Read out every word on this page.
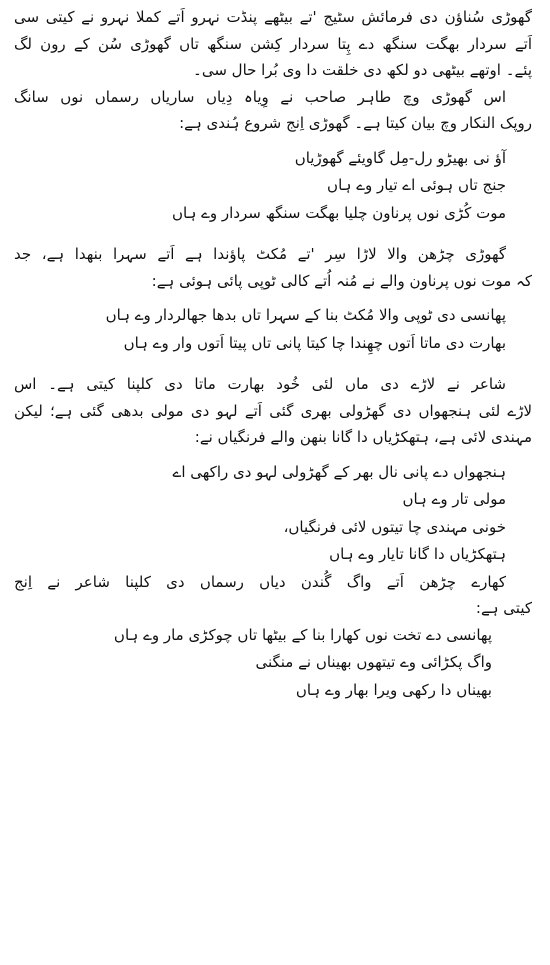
گھوڑی سُناؤن دی فرمائش سٹیج 'تے بیٹھے پنڈت نہرو اَتے کملا نہرو نے کیتی سی
اَتے سردار بھگت سنگھ دے پِتا سردار کِشن سنگھ تاں گھوڑی سُن کے رون لگ
پئے۔ اوتھے بیٹھی دو لکھ دی خلقت دا وی بُرا حال سی۔
اس گھوڑی وچ طاہر صاحب نے وِیاہ دِیاں ساریاں رسماں نوں سانگ
روپک النکار وچ بیان کیتا ہے۔ گھوڑی اِنج شروع ہُندی ہے:
آؤ نی بھیڑو رل-مِل گاویئے گھوڑیاں
جنج تاں ہوئی اے تیار وے ہاں
موت کُڑی نوں پرناون چلیا بھگت سنگھ سردار وے ہاں
گھوڑی چڑھن والا لاڑا سِر 'تے مُکٹ پاؤندا ہے اَتے سہرا بنھدا ہے، جد
کہ موت نوں پرناون والے نے مُنہ اُتے کالی ٹوپی پائی ہوئی ہے:
پھانسی دی ٹوپی والا مُکٹ بنا کے سہرا تاں بدھا جھالردار وے ہاں
بھارت دی ماتا اَتوں چھِندا چا کیتا پانی تاں پیتا اَتوں وار وے ہاں
شاعر نے لاڑے دی ماں لئی خُود بھارت ماتا دی کلپنا کیتی ہے۔ اس
لاڑے لئی ہنجھواں دی گھڑولی بھری گئی اَتے لہو دی مولی بدھی گئی ہے؛ لیکن
مہندی لائی ہے، ہتھکڑیاں دا گانا بنھن والے فرنگیاں نے:
ہنجھواں دے پانی نال بھر کے گھڑولی لہو دی راکھی اے
مولی تار وے ہاں
خونی مہندی چا تیتوں لائی فرنگیاں،
ہتھکڑیاں دا گانا تایار وے ہاں
کھارے چڑھن اَتے واگ گُندن دیاں رسماں دی کلپنا شاعر نے اِنج
کیتی ہے:
پھانسی دے تخت نوں کھارا بنا کے بیٹھا تاں چوکڑی مار وے ہاں
واگ پکڑائی وے تیتھوں بھیناں نے منگنی
بھیناں دا رکھی ویرا بھار وے ہاں
